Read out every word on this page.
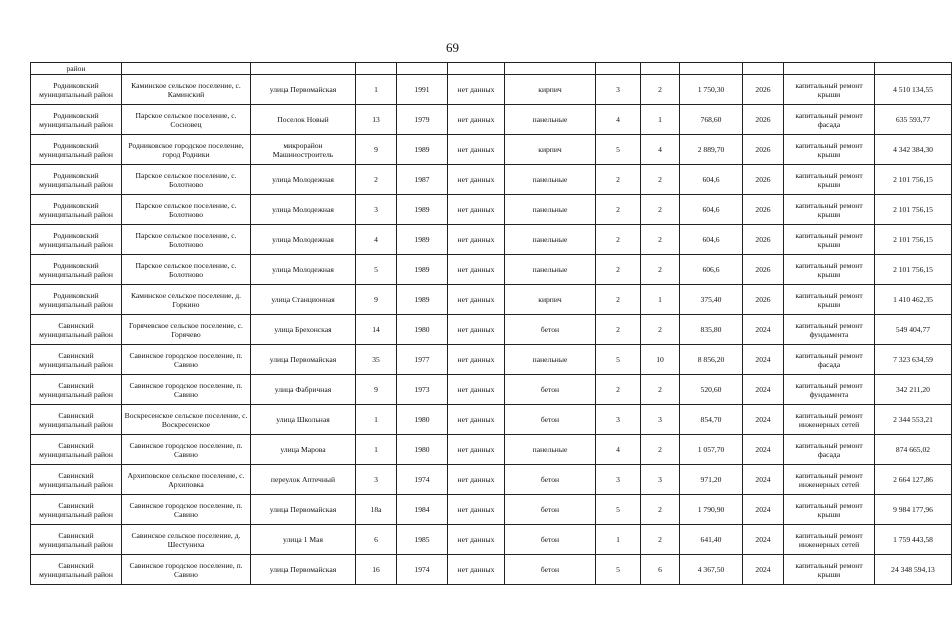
69
район												
Родниковский муниципальный район	Каминское сельское поселение, с. Каминский	улица Первомайская	1	1991	нет данных	кирпич	3	2	1 750,30	2026	капитальный ремонт крыши	4 510 134,55
Родниковский муниципальный район	Парское сельское поселение, с. Сосновец	Поселок Новый	13	1979	нет данных	панельные	4	1	768,60	2026	капитальный ремонт фасада	635 593,77
Родниковский муниципальный район	Родниковское городское поселение, город Родники	микрорайон Машиностроитель	9	1989	нет данных	кирпич	5	4	2 889,70	2026	капитальный ремонт крыши	4 342 384,30
Родниковский муниципальный район	Парское сельское поселение, с. Болотново	улица Молодежная	2	1987	нет данных	панельные	2	2	604,6	2026	капитальный ремонт крыши	2 101 756,15
Родниковский муниципальный район	Парское сельское поселение, с. Болотново	улица Молодежная	3	1989	нет данных	панельные	2	2	604,6	2026	капитальный ремонт крыши	2 101 756,15
Родниковский муниципальный район	Парское сельское поселение, с. Болотново	улица Молодежная	4	1989	нет данных	панельные	2	2	604,6	2026	капитальный ремонт крыши	2 101 756,15
Родниковский муниципальный район	Парское сельское поселение, с. Болотново	улица Молодежная	5	1989	нет данных	панельные	2	2	606,6	2026	капитальный ремонт крыши	2 101 756,15
Родниковский муниципальный район	Каминское сельское поселение, д. Горкино	улица Станционная	9	1989	нет данных	кирпич	2	1	375,40	2026	капитальный ремонт крыши	1 410 462,35
Савинский муниципальный район	Горячевское сельское поселение, с. Горячево	улица Брехонская	14	1980	нет данных	бетон	2	2	835,80	2024	капитальный ремонт фундамента	549 404,77
Савинский муниципальный район	Савинское городское поселение, п. Савино	улица Первомайская	35	1977	нет данных	панельные	5	10	8 856,20	2024	капитальный ремонт фасада	7 323 634,59
Савинский муниципальный район	Савинское городское поселение, п. Савино	улица Фабричная	9	1973	нет данных	бетон	2	2	520,60	2024	капитальный ремонт фундамента	342 211,20
Савинский муниципальный район	Воскресенское сельское поселение, с. Воскресенское	улица Школьная	1	1980	нет данных	бетон	3	3	854,70	2024	капитальный ремонт инженерных сетей	2 344 553,21
Савинский муниципальный район	Савинское городское поселение, п. Савино	улица Марова	1	1980	нет данных	панельные	4	2	1 057,70	2024	капитальный ремонт фасада	874 665,02
Савинский муниципальный район	Архиповское сельское поселение, с. Архиповка	переулок Аптечный	3	1974	нет данных	бетон	3	3	971,20	2024	капитальный ремонт инженерных сетей	2 664 127,86
Савинский муниципальный район	Савинское городское поселение, п. Савино	улица Первомайская	18а	1984	нет данных	бетон	5	2	1 790,90	2024	капитальный ремонт крыши	9 984 177,96
Савинский муниципальный район	Савинское сельское поселение, д. Шестуниха	улица 1 Мая	6	1985	нет данных	бетон	1	2	641,40	2024	капитальный ремонт инженерных сетей	1 759 443,58
Савинский муниципальный район	Савинское городское поселение, п. Савино	улица Первомайская	16	1974	нет данных	бетон	5	6	4 367,50	2024	капитальный ремонт крыши	24 348 594,13
